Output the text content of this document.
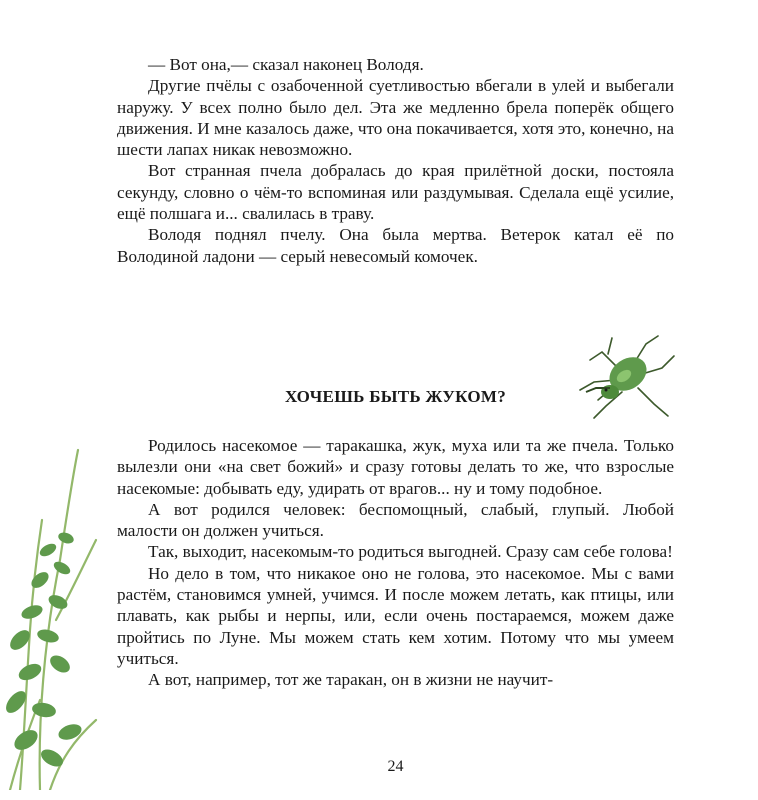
— Вот она,— сказал наконец Володя.

Другие пчёлы с озабоченной суетливостью вбегали в улей и выбегали наружу. У всех полно было дел. Эта же медленно брела поперёк общего движения. И мне казалось даже, что она покачивается, хотя это, конечно, на шести лапах никак невозможно.

Вот странная пчела добралась до края прилётной доски, постояла секунду, словно о чём-то вспоминая или раздумывая. Сделала ещё усилие, ещё полшага и... свалилась в траву.

Володя поднял пчелу. Она была мертва. Ветерок катал её по Володиной ладони — серый невесомый комочек.

ХОЧЕШЬ БЫТЬ ЖУКОМ?

Родилось насекомое — таракашка, жук, муха или та же пчела. Только вылезли они «на свет божий» и сразу готовы делать то же, что взрослые насекомые: добывать еду, удирать от врагов... ну и тому подобное.

А вот родился человек: беспомощный, слабый, глупый. Любой малости он должен учиться.

Так, выходит, насекомым-то родиться выгодней. Сразу сам себе голова!

Но дело в том, что никакое оно не голова, это насекомое. Мы с вами растём, становимся умней, учимся. И после можем летать, как птицы, или плавать, как рыбы и нерпы, или, если очень постараемся, можем даже пройтись по Луне. Мы можем стать кем хотим. Потому что мы умеем учиться.

А вот, например, тот же таракан, он в жизни не научит-

24
